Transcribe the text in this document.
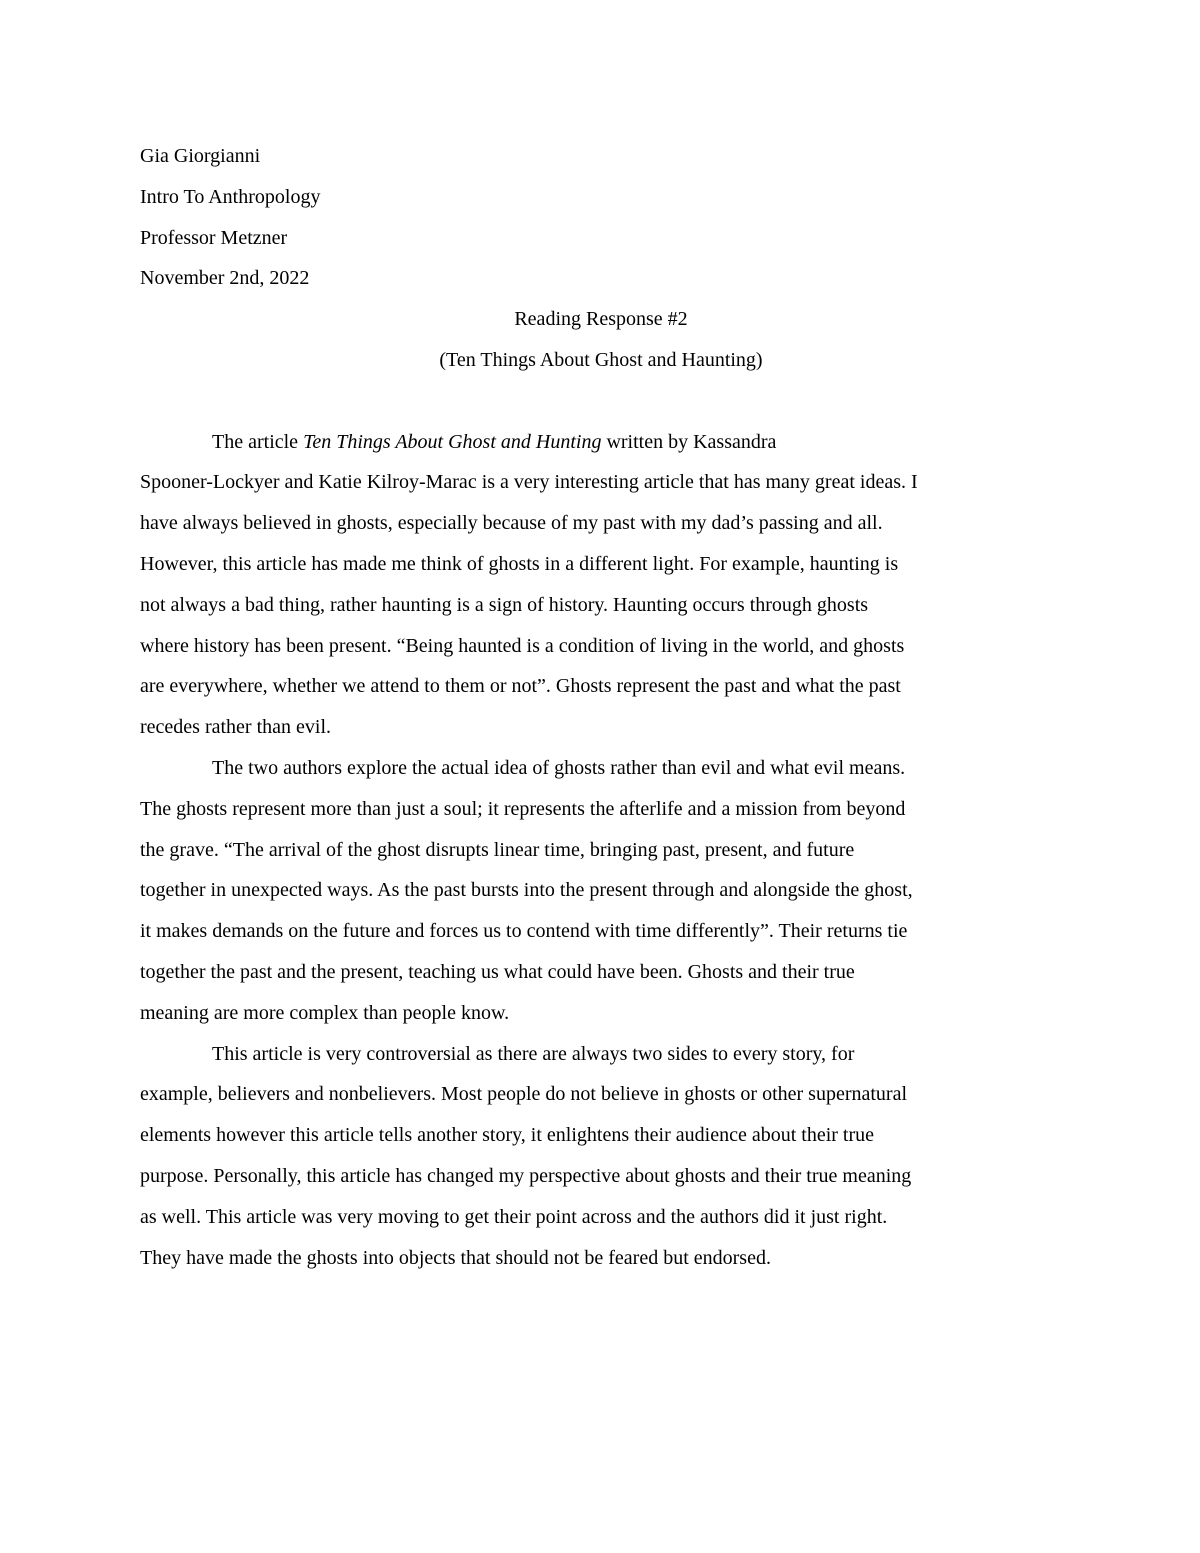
Gia Giorgianni

Intro To Anthropology

Professor Metzner

November 2nd, 2022

Reading Response #2

(Ten Things About Ghost and Haunting)

The article Ten Things About Ghost and Hunting written by Kassandra
Spooner-Lockyer and Katie Kilroy-Marac is a very interesting article that has many great ideas. I
have always believed in ghosts, especially because of my past with my dad’s passing and all.
However, this article has made me think of ghosts in a different light. For example, haunting is
not always a bad thing, rather haunting is a sign of history. Haunting occurs through ghosts
where history has been present. “Being haunted is a condition of living in the world, and ghosts
are everywhere, whether we attend to them or not”. Ghosts represent the past and what the past
recedes rather than evil.
The two authors explore the actual idea of ghosts rather than evil and what evil means.
The ghosts represent more than just a soul; it represents the afterlife and a mission from beyond
the grave. “The arrival of the ghost disrupts linear time, bringing past, present, and future
together in unexpected ways. As the past bursts into the present through and alongside the ghost,
it makes demands on the future and forces us to contend with time differently”. Their returns tie
together the past and the present, teaching us what could have been. Ghosts and their true
meaning are more complex than people know.
This article is very controversial as there are always two sides to every story, for
example, believers and nonbelievers. Most people do not believe in ghosts or other supernatural
elements however this article tells another story, it enlightens their audience about their true
purpose. Personally, this article has changed my perspective about ghosts and their true meaning
as well. This article was very moving to get their point across and the authors did it just right.
They have made the ghosts into objects that should not be feared but endorsed.
